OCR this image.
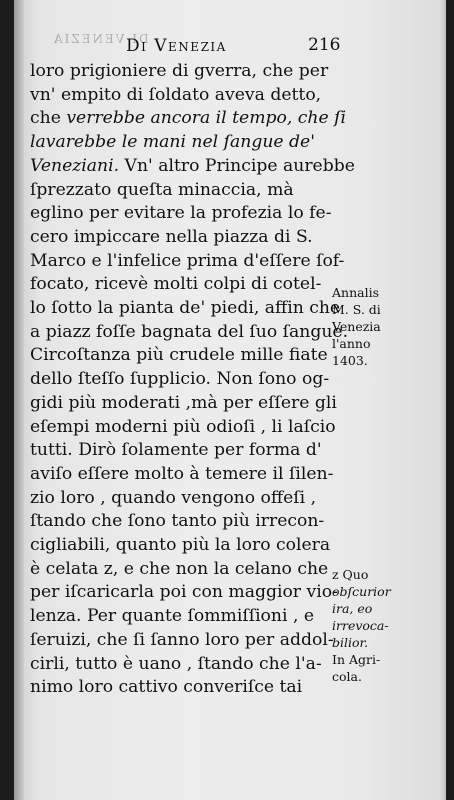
DI VENEZIA
Di Venezia	216
loro prigioniere di gverra, che per
vn' empito di ſoldato aveva detto,
che verrebbe ancora il tempo, che ſi
lavarebbe le mani nel ſangue de'
Veneziani. Vn' altro Principe aurebbe
ſprezzato queſta minaccia, mà
eglino per evitare la profezia lo fe-
cero impiccare nella piazza di S.
Marco e l'infelice prima d'eſſere ſof-
focato, ricevè molti colpi di cotel-
lo ſotto la pianta de' piedi, affin che
a piazz foſſe bagnata del ſuo ſangue.
Circoſtanza più crudele mille fiate
dello ſteſſo ſupplicio. Non ſono og-
gidi più moderati ,mà per eſſere gli
eſempi moderni più odioſi , li laſcio
tutti. Dirò ſolamente per forma d'
aviſo eſſere molto à temere il ſilen-
zio loro , quando vengono offeſi ,
ſtando che ſono tanto più irrecon-
cigliabili, quanto più la loro colera
è celata z, e che non la celano che
per iſcaricarla poi con maggior vio-
lenza. Per quante ſommiſſioni , e
ſeruizi, che ſi ſanno loro per addol-
cirli, tutto è uano , ſtando che l'a-
nimo loro cattivo converiſce tai
Annalis
M. S. di
Venezia
l'anno
1403.
z Quo
obſcurior
ira, eo
irrevoca-
bilior.
In Agri-
cola.
